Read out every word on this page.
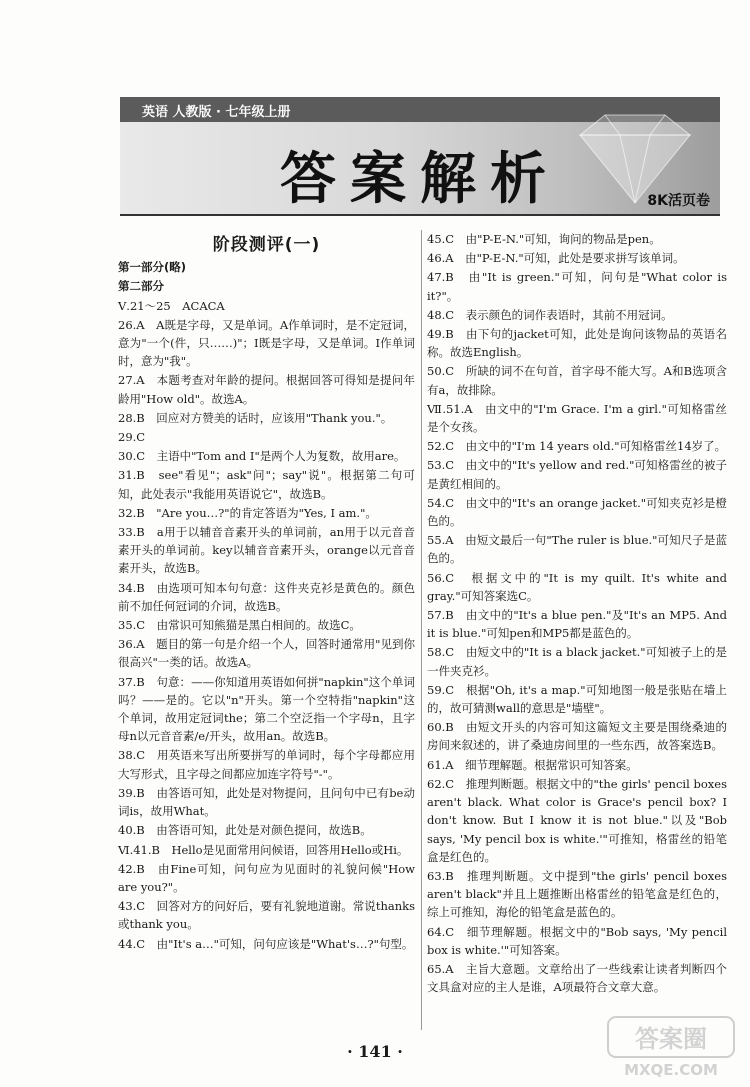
英语 人教版 · 七年级上册
答案解析	8K活页卷
阶段测评(一)
第一部分(略)
第二部分
Ⅴ.21～25　ACACA
26.A　A既是字母，又是单词。A作单词时，是不定冠词，意为"一个(件，只……)"；I既是字母，又是单词。I作单词时，意为"我"。
27.A　本题考查对年龄的提问。根据回答可得知是提问年龄用"How old"。故选A。
28.B　回应对方赞美的话时，应该用"Thank you."。
29.C
30.C　主语中"Tom and I"是两个人为复数，故用are。
31.B　see"看见"；ask"问"；say"说"。根据第二句可知，此处表示"我能用英语说它"，故选B。
32.B　"Are you…?"的肯定答语为"Yes, I am."。
33.B　a用于以辅音音素开头的单词前，an用于以元音音素开头的单词前。key以辅音音素开头，orange以元音音素开头，故选B。
34.B　由选项可知本句句意：这件夹克衫是黄色的。颜色前不加任何冠词的介词，故选B。
35.C　由常识可知熊猫是黑白相间的。故选C。
36.A　题目的第一句是介绍一个人，回答时通常用"见到你很高兴"一类的话。故选A。
37.B　句意：——你知道用英语如何拼"napkin"这个单词吗？——是的。它以"n"开头。第一个空特指"napkin"这个单词，故用定冠词the；第二个空泛指一个字母n，且字母n以元音音素/e/开头，故用an。故选B。
38.C　用英语来写出所要拼写的单词时，每个字母都应用大写形式，且字母之间都应加连字符号"-"。
39.B　由答语可知，此处是对物提问，且问句中已有be动词is，故用What。
40.B　由答语可知，此处是对颜色提问，故选B。
Ⅵ.41.B　Hello是见面常用问候语，回答用Hello或Hi。
42.B　由Fine可知，问句应为见面时的礼貌问候"How are you?"。
43.C　回答对方的问好后，要有礼貌地道谢。常说thanks或thank you。
44.C　由"It's a…"可知，问句应该是"What's…?"句型。
45.C　由"P-E-N."可知，询问的物品是pen。
46.A　由"P-E-N."可知，此处是要求拼写该单词。
47.B　由"It is green."可知，问句是"What color is it?"。
48.C　表示颜色的词作表语时，其前不用冠词。
49.B　由下句的jacket可知，此处是询问该物品的英语名称。故选English。
50.C　所缺的词不在句首，首字母不能大写。A和B选项含有a，故排除。
Ⅶ.51.A　由文中的"I'm Grace. I'm a girl."可知格雷丝是个女孩。
52.C　由文中的"I'm 14 years old."可知格雷丝14岁了。
53.C　由文中的"It's yellow and red."可知格雷丝的被子是黄红相间的。
54.C　由文中的"It's an orange jacket."可知夹克衫是橙色的。
55.A　由短文最后一句"The ruler is blue."可知尺子是蓝色的。
56.C　根据文中的"It is my quilt. It's white and gray."可知答案选C。
57.B　由文中的"It's a blue pen."及"It's an MP5. And it is blue."可知pen和MP5都是蓝色的。
58.C　由短文中的"It is a black jacket."可知被子上的是一件夹克衫。
59.C　根据"Oh, it's a map."可知地图一般是张贴在墙上的，故可猜测wall的意思是"墙壁"。
60.B　由短文开头的内容可知这篇短文主要是围绕桑迪的房间来叙述的，讲了桑迪房间里的一些东西，故答案选B。
61.A　细节理解题。根据常识可知答案。
62.C　推理判断题。根据文中的"the girls' pencil boxes aren't black. What color is Grace's pencil box? I don't know. But I know it is not blue."以及"Bob says, 'My pencil box is white.'"可推知，格雷丝的铅笔盒是红色的。
63.B　推理判断题。文中提到"the girls' pencil boxes aren't black"并且上题推断出格雷丝的铅笔盒是红色的，综上可推知，海伦的铅笔盒是蓝色的。
64.C　细节理解题。根据文中的"Bob says, 'My pencil box is white.'"可知答案。
65.A　主旨大意题。文章给出了一些线索让读者判断四个文具盒对应的主人是谁，A项最符合文章大意。
· 141 ·	答案圈
MXQE.COM
